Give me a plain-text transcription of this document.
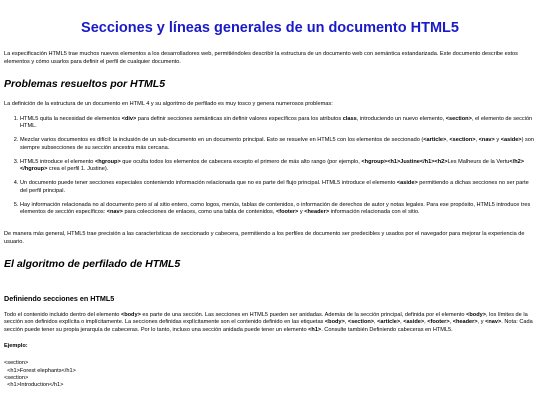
Secciones y líneas generales de un documento HTML5

La especificación HTML5 trae muchos nuevos elementos a los desarrolladores web, permitiéndoles describir la estructura de un documento web con semántica estandarizada. Este documento describe estos elementos y cómo usarlos para definir el perfil de cualquier documento.

Problemas resueltos por HTML5

La definición de la estructura de un documento en HTML 4 y su algoritmo de perfilado es muy tosco y genera numerosos problemas:

1. HTML5 quita la necesidad de elementos <div> para definir secciones semánticas sin definir valores específicos para los atributos class, introduciendo un nuevo elemento, <section>, el elemento de sección HTML.
2. Mezclar varios documentos es difícil: la inclusión de un sub-documento en un documento principal. Esto se resuelve en HTML5 con los elementos de seccionado (<article>, <section>, <nav> y <aside>) son siempre subsecciones de su sección ancestra más cercana.
3. HTML5 introduce el elemento <hgroup> que oculta todos los elementos de cabecera excepto el primero de más alto rango (por ejemplo, <hgroup><h1>Justine</h1><h2>Les Malheurs de la Vertu</h2></hgroup> crea el perfil 1. Justine).
4. Un documento puede tener secciones especiales conteniendo información relacionada que no es parte del flujo principal. HTML5 introduce el elemento <aside> permitiendo a dichas secciones no ser parte del perfil principal.
5. Hay información relacionada no al documento pero sí al sitio entero, como logos, menús, tablas de contenidos, o información de derechos de autor y notas legales. Para ese propósito, HTML5 introduce tres elementos de sección específicos: <nav> para colecciones de enlaces, como una tabla de contenidos, <footer> y <header> información relacionada con el sitio.

De manera más general, HTML5 trae precisión a las características de seccionado y cabecera, permitiendo a los perfiles de documento ser predecibles y usados por el navegador para mejorar la experiencia de usuario.

El algoritmo de perfilado de HTML5
Definiendo secciones en HTML5

Todo el contenido incluido dentro del elemento <body> es parte de una sección. Las secciones en HTML5 pueden ser anidadas. Además de la sección principal, definida por el elemento <body>, los límites de la sección son definidos explícita o implícitamente. La secciones definidas explícitamente son el contenido definido en las etiquetas <body>, <section>, <article>, <aside>, <footer>, <header>, y <nav>. Nota: Cada sección puede tener su propia jerarquía de cabeceras. Por lo tanto, incluso una sección anidada puede tener un elemento <h1>. Consulte también Definiendo cabeceras en HTML5.

Ejemplo:

<section>
<h1>Forest elephants</h1>
<section>
<h1>Introduction</h1>
